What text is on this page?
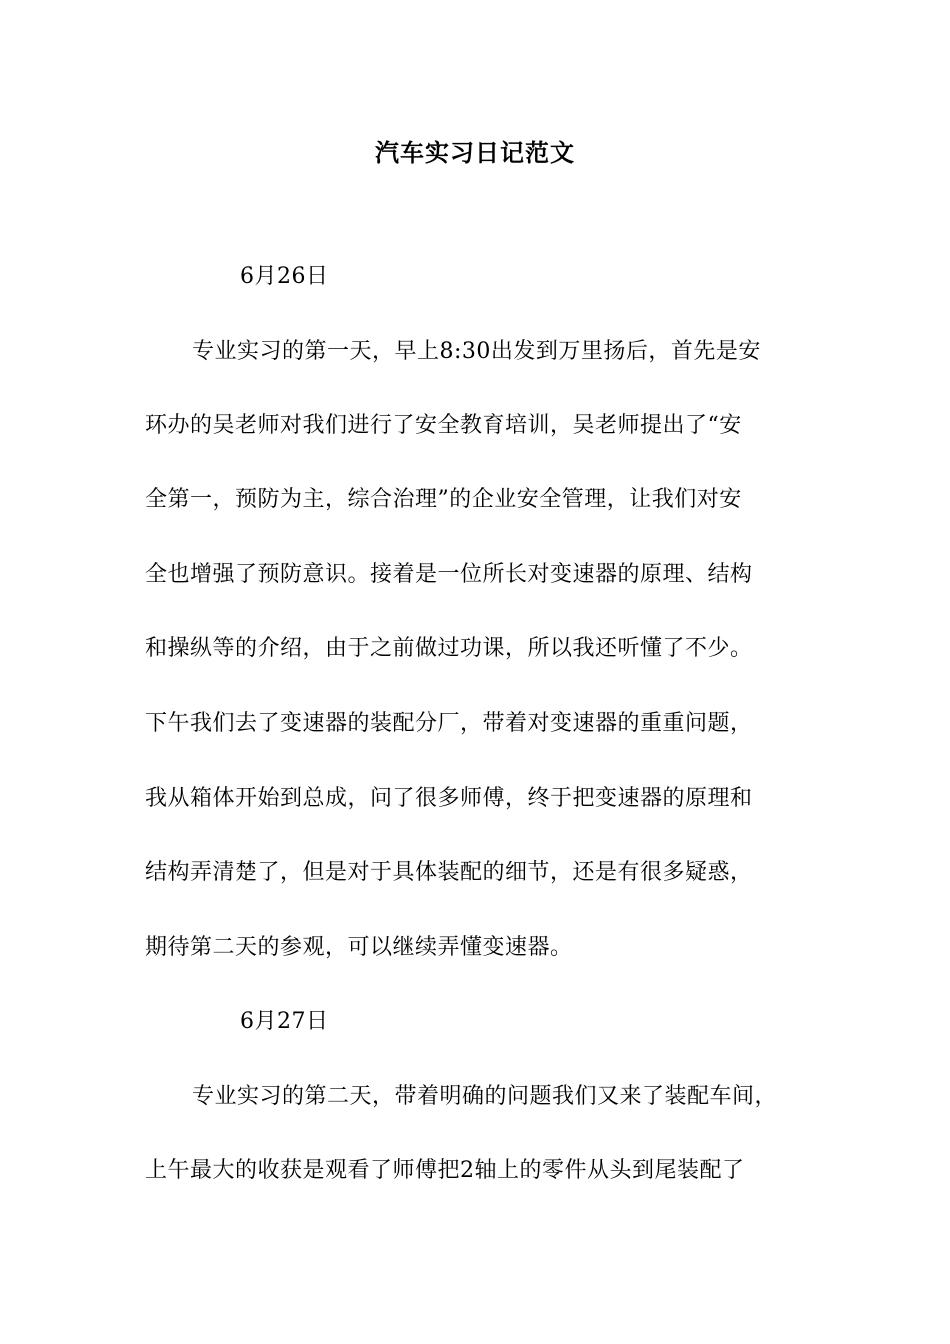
汽车实习日记范文
6月26日
专业实习的第一天，早上8:30出发到万里扬后，首先是安
环办的吴老师对我们进行了安全教育培训，吴老师提出了“安
全第一，预防为主，综合治理”的企业安全管理，让我们对安
全也增强了预防意识。接着是一位所长对变速器的原理、结构
和操纵等的介绍，由于之前做过功课，所以我还听懂了不少。
下午我们去了变速器的装配分厂，带着对变速器的重重问题，
我从箱体开始到总成，问了很多师傅，终于把变速器的原理和
结构弄清楚了，但是对于具体装配的细节，还是有很多疑惑，
期待第二天的参观，可以继续弄懂变速器。
6月27日
专业实习的第二天，带着明确的问题我们又来了装配车间，
上午最大的收获是观看了师傅把2轴上的零件从头到尾装配了
